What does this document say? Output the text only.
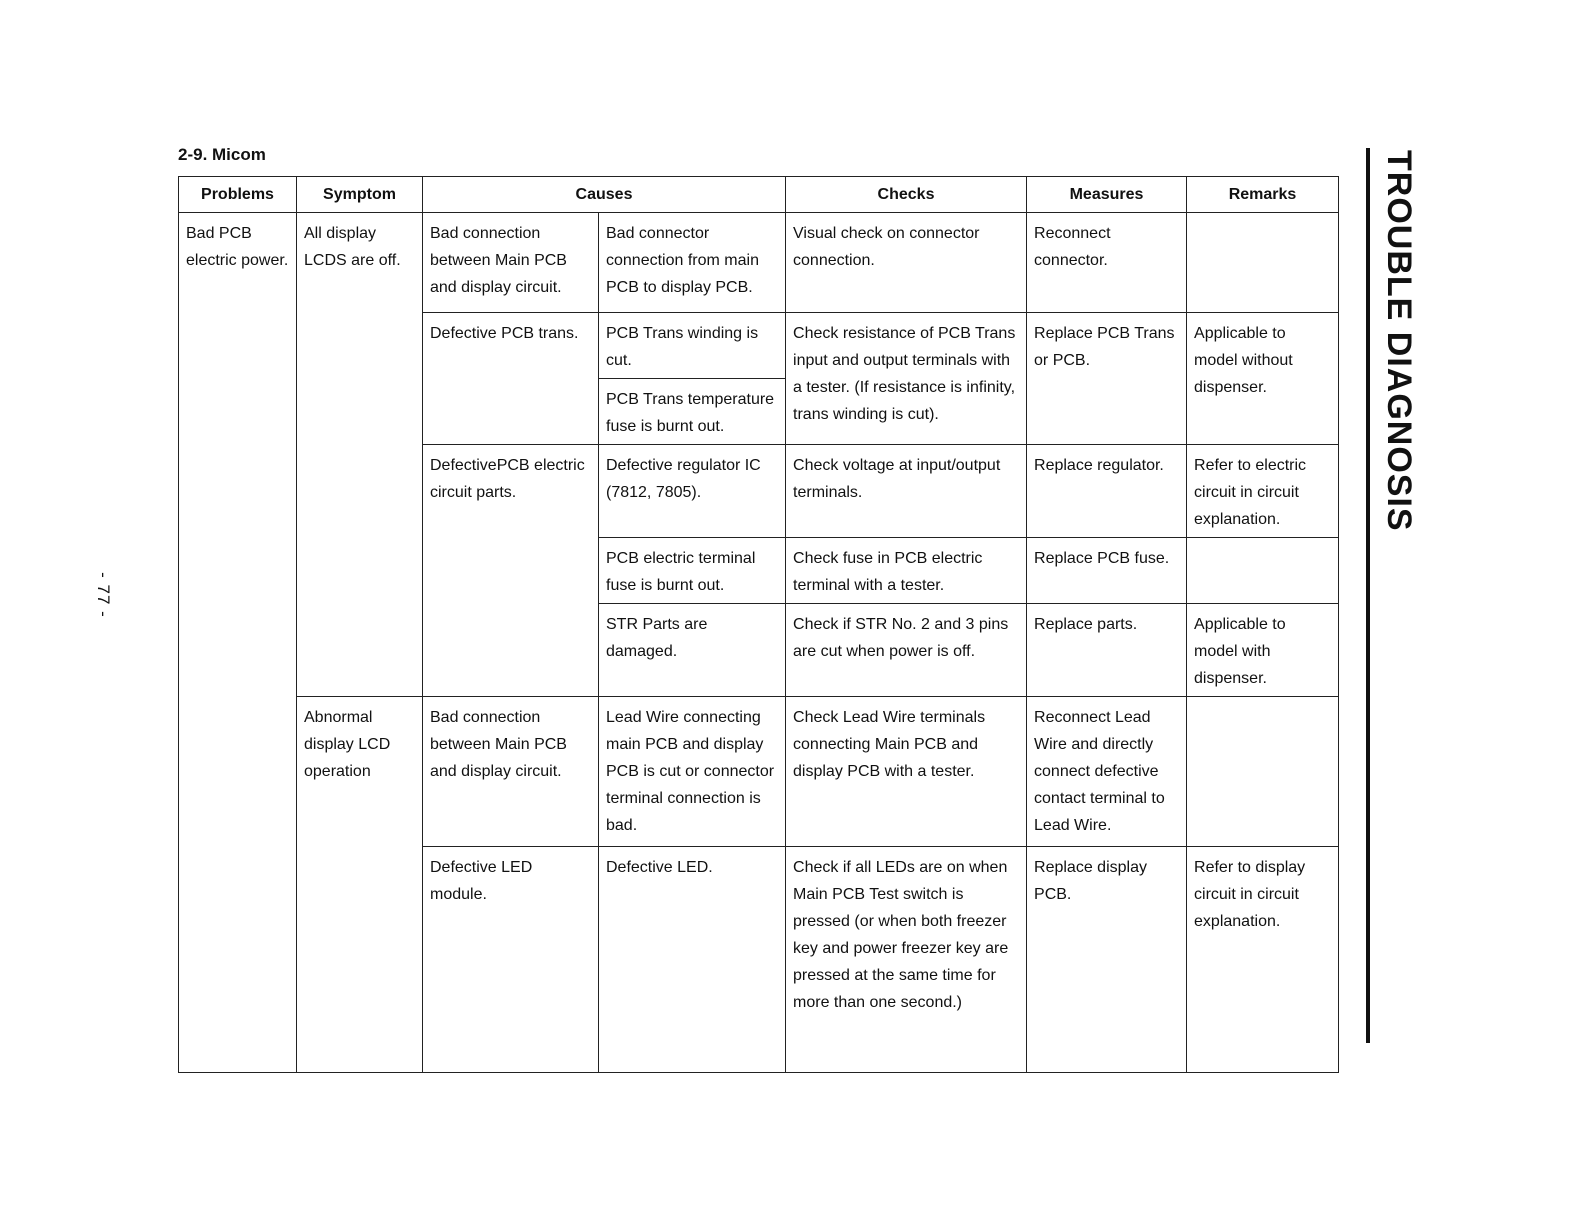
2-9. Micom
- 77 -
TROUBLE DIAGNOSIS
Problems	Symptom	Causes		Checks	Measures	Remarks
Bad PCB electric power.	All display LCDS are off.	Bad connection between Main PCB and display circuit.	Bad connector connection from main PCB to display PCB.	Visual check on connector connection.	Reconnect connector.	
		Defective PCB trans.	PCB Trans winding is cut.	Check resistance of PCB Trans input and output terminals with a tester. (If resistance is infinity, trans winding is cut).	Replace PCB Trans or PCB.	Applicable to model without dispenser.
			PCB Trans temperature fuse is burnt out.			
		DefectivePCB electric circuit parts.	Defective regulator IC (7812, 7805).	Check voltage at input/output terminals.	Replace regulator.	Refer to electric circuit in circuit explanation.
			PCB electric terminal fuse is burnt out.	Check fuse in PCB electric terminal with a tester.	Replace PCB fuse.	
			STR Parts are damaged.	Check if STR No. 2 and 3 pins are cut when power is off.	Replace parts.	Applicable to model with dispenser.
	Abnormal display LCD operation	Bad connection between Main PCB and display circuit.	Lead Wire connecting main PCB and display PCB is cut or connector terminal connection is bad.	Check Lead Wire terminals connecting Main PCB and display PCB with a tester.	Reconnect Lead Wire and directly connect defective contact terminal to Lead Wire.	
		Defective LED module.	Defective LED.	Check if all LEDs are on when Main PCB Test switch is pressed (or when both freezer key and power freezer key are pressed at the same time for more than one second.)	Replace display PCB.	Refer to display circuit in circuit explanation.
